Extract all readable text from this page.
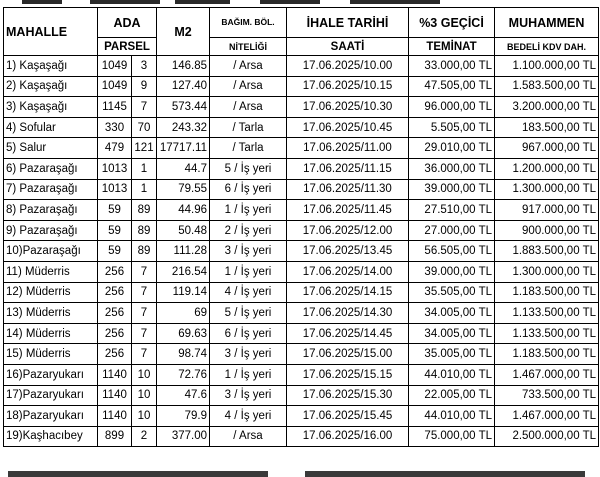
MAHALLE	ADA		M2	BAĞIM. BÖL.	İHALE TARİHİ	%3 GEÇİCİ	MUHAMMEN
	PARSEL			NİTELİĞİ	SAATİ	TEMİNAT	BEDELİ KDV DAH.
1) Kaşaşağı	1049	3	146.85	/ Arsa	17.06.2025/10.00	33.000,00 TL	1.100.000,00 TL
2) Kaşaşağı	1049	9	127.40	/ Arsa	17.06.2025/10.15	47.505,00 TL	1.583.500,00 TL
3) Kaşaşağı	1145	7	573.44	/ Arsa	17.06.2025/10.30	96.000,00 TL	3.200.000,00 TL
4) Sofular	330	70	243.32	/ Tarla	17.06.2025/10.45	5.505,00 TL	183.500,00 TL
5) Salur	479	121	17717.11	/ Tarla	17.06.2025/11.00	29.010,00 TL	967.000,00 TL
6) Pazaraşağı	1013	1	44.7	5 / İş yeri	17.06.2025/11.15	36.000,00 TL	1.200.000,00 TL
7) Pazaraşağı	1013	1	79.55	6 / İş yeri	17.06.2025/11.30	39.000,00 TL	1.300.000,00 TL
8) Pazaraşağı	59	89	44.96	1 / İş yeri	17.06.2025/11.45	27.510,00 TL	917.000,00 TL
9) Pazaraşağı	59	89	50.48	2 / İş yeri	17.06.2025/12.00	27.000,00 TL	900.000,00 TL
10)Pazaraşağı	59	89	111.28	3 / İş yeri	17.06.2025/13.45	56.505,00 TL	1.883.500,00 TL
11) Müderris	256	7	216.54	1 / İş yeri	17.06.2025/14.00	39.000,00 TL	1.300.000,00 TL
12) Müderris	256	7	119.14	4 / İş yeri	17.06.2025/14.15	35.505,00 TL	1.183.500,00 TL
13) Müderris	256	7	69	5 / İş yeri	17.06.2025/14.30	34.005,00 TL	1.133.500,00 TL
14) Müderris	256	7	69.63	6 / İş yeri	17.06.2025/14.45	34.005,00 TL	1.133.500,00 TL
15) Müderris	256	7	98.74	3 / İş yeri	17.06.2025/15.00	35.005,00 TL	1.183.500,00 TL
16)Pazaryukarı	1140	10	72.76	1 / İş yeri	17.06.2025/15.15	44.010,00 TL	1.467.000,00 TL
17)Pazaryukarı	1140	10	47.6	3 / İş yeri	17.06.2025/15.30	22.005,00 TL	733.500,00 TL
18)Pazaryukarı	1140	10	79.9	4 / İş yeri	17.06.2025/15.45	44.010,00 TL	1.467.000,00 TL
19)Kaşhacıbey	899	2	377.00	/ Arsa	17.06.2025/16.00	75.000,00 TL	2.500.000,00 TL
